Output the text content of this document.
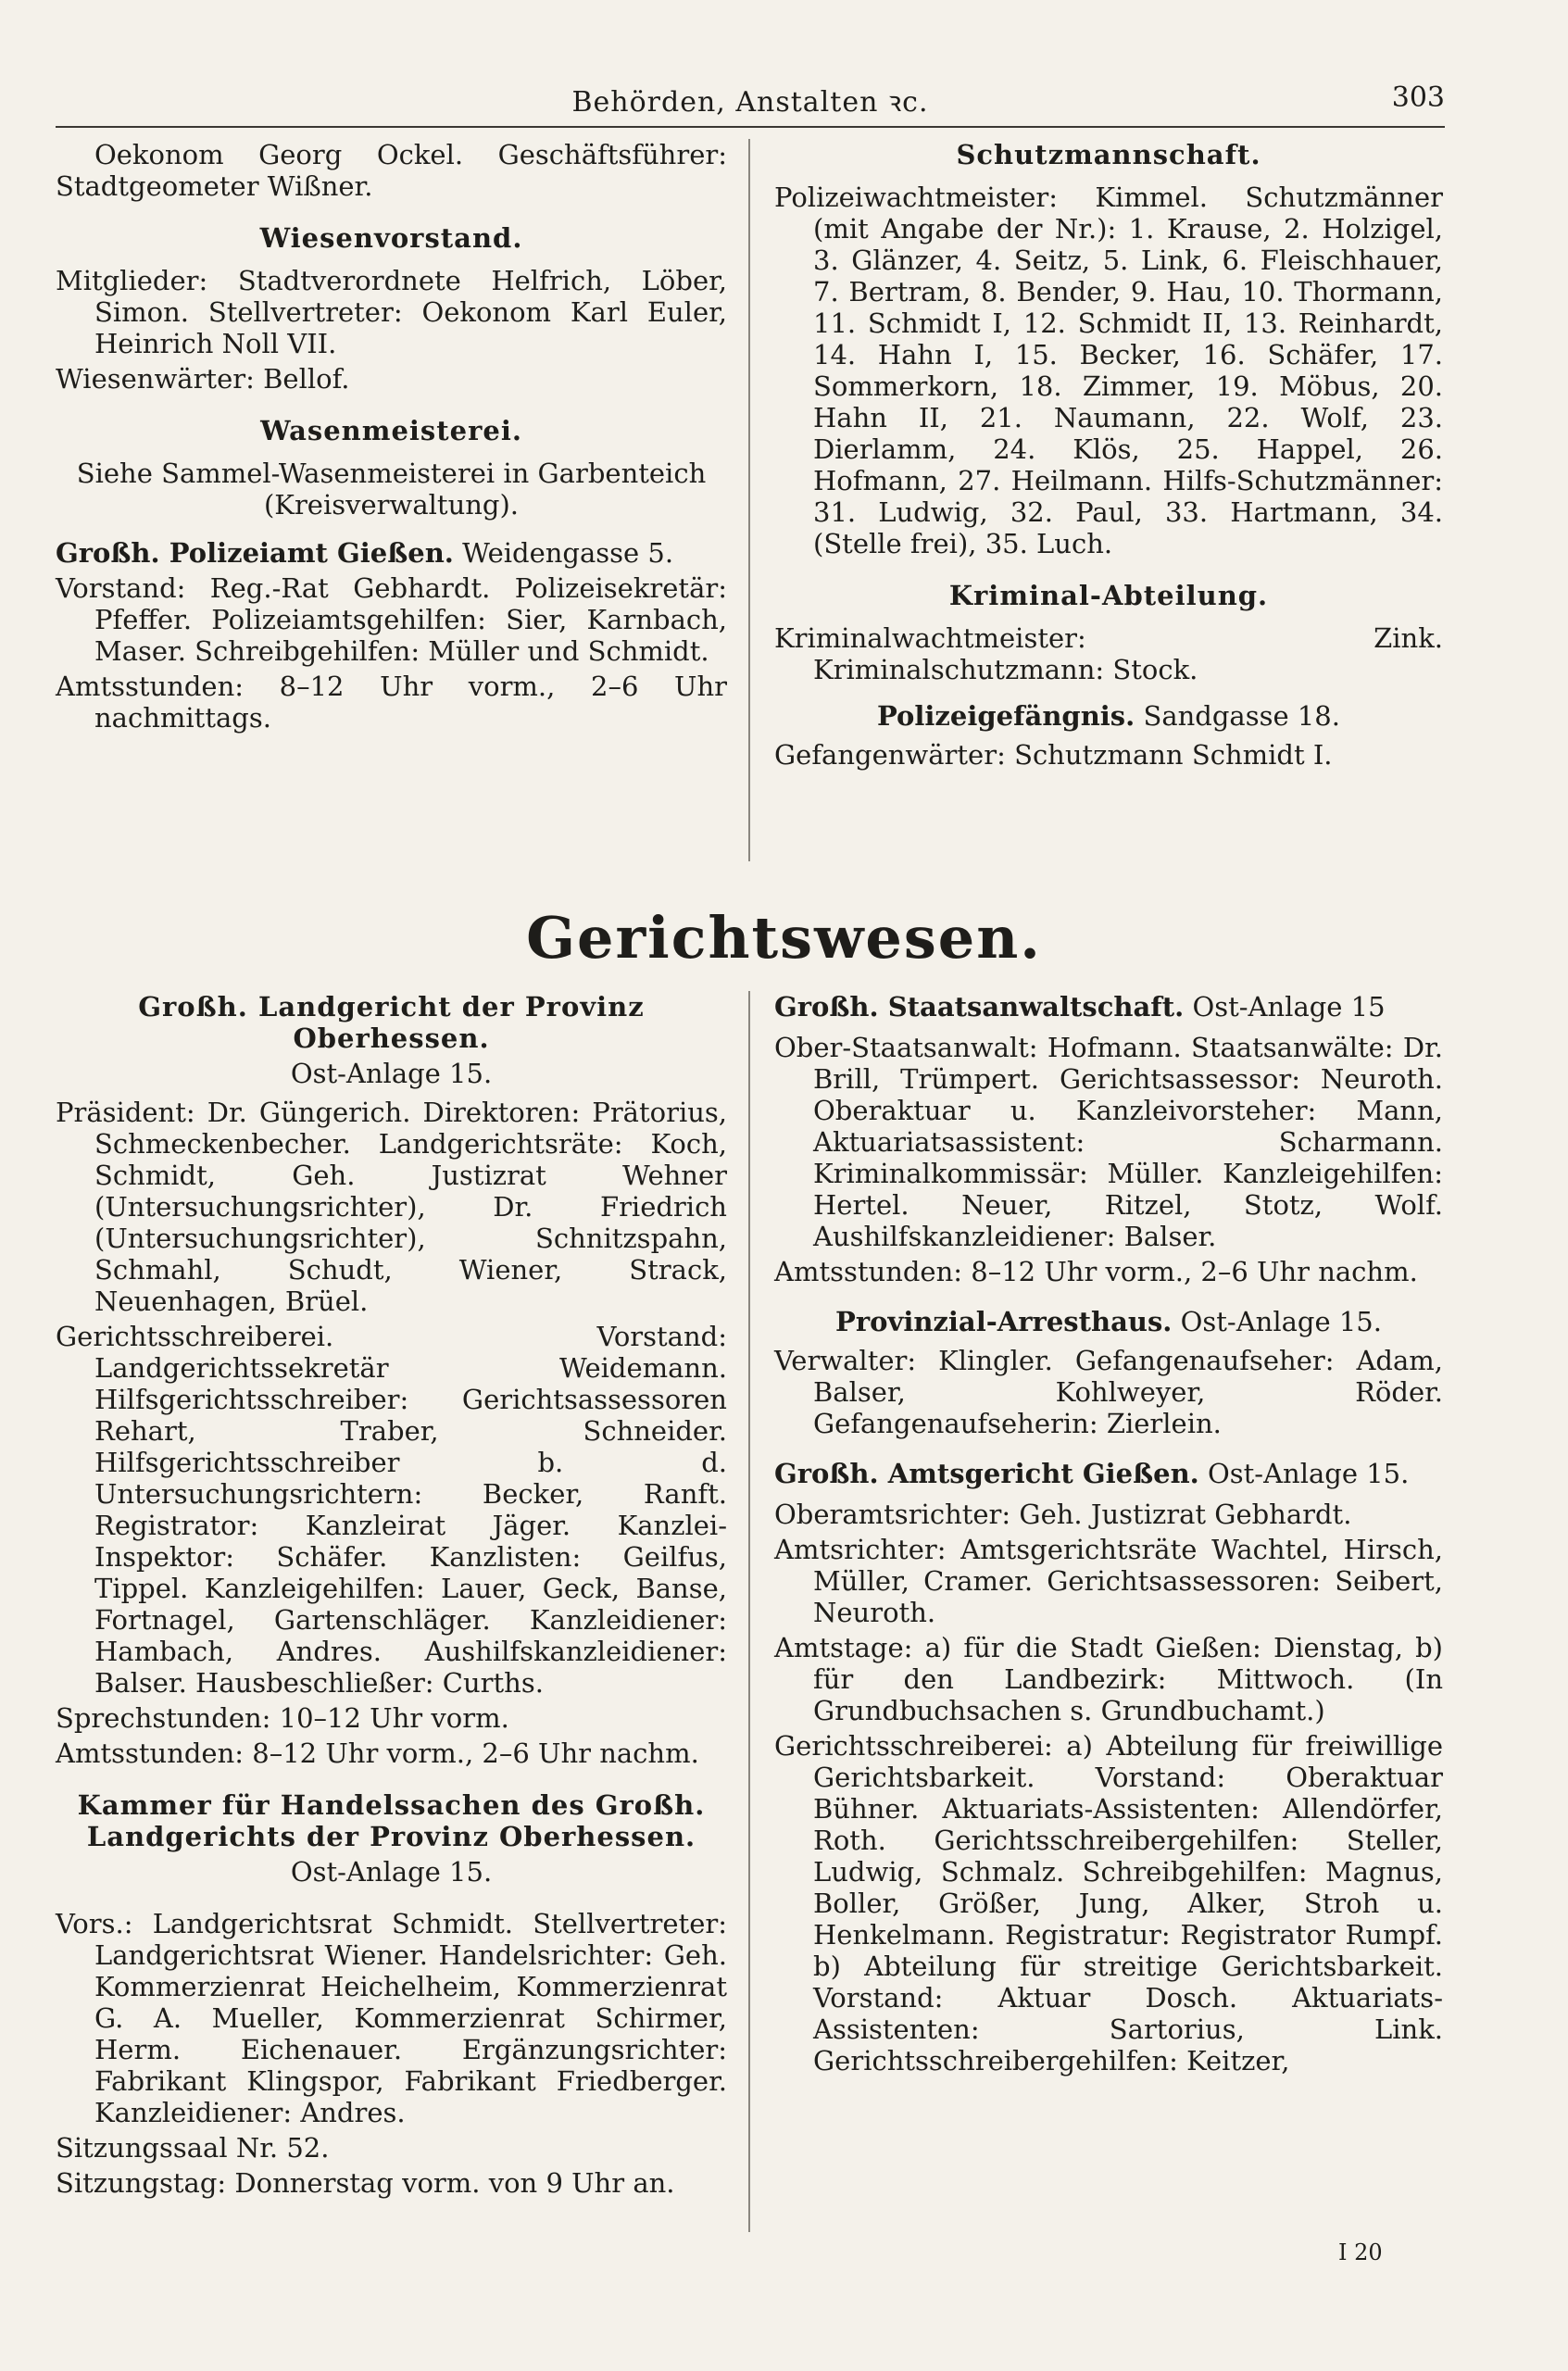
Behörden, Anstalten ꝛc.	303

Oekonom Georg Ockel. Geschäftsführer: Stadtgeometer Wißner.

Wiesenvorstand.

Mitglieder: Stadtverordnete Helfrich, Löber, Simon. Stellvertreter: Oekonom Karl Euler, Heinrich Noll VII.

Wiesenwärter: Bellof.

Wasenmeisterei.

Siehe Sammel-Wasenmeisterei in Garbenteich (Kreisverwaltung).

Großh. Polizeiamt Gießen. Weidengasse 5.

Vorstand: Reg.-Rat Gebhardt. Polizeisekretär: Pfeffer. Polizeiamtsgehilfen: Sier, Karnbach, Maser. Schreibgehilfen: Müller und Schmidt.

Amtsstunden: 8–12 Uhr vorm., 2–6 Uhr nachmittags.

Schutzmannschaft.

Polizeiwachtmeister: Kimmel. Schutzmänner (mit Angabe der Nr.): 1. Krause, 2. Holzigel, 3. Glänzer, 4. Seitz, 5. Link, 6. Fleischhauer, 7. Bertram, 8. Bender, 9. Hau, 10. Thormann, 11. Schmidt I, 12. Schmidt II, 13. Reinhardt, 14. Hahn I, 15. Becker, 16. Schäfer, 17. Sommerkorn, 18. Zimmer, 19. Möbus, 20. Hahn II, 21. Naumann, 22. Wolf, 23. Dierlamm, 24. Klös, 25. Happel, 26. Hofmann, 27. Heilmann. Hilfs-Schutzmänner: 31. Ludwig, 32. Paul, 33. Hartmann, 34. (Stelle frei), 35. Luch.

Kriminal-Abteilung.

Kriminalwachtmeister: Zink. Kriminalschutzmann: Stock.

Polizeigefängnis. Sandgasse 18.

Gefangenwärter: Schutzmann Schmidt I.

Gerichtswesen.
Großh. Landgericht der Provinz Oberhessen.

Ost-Anlage 15.

Präsident: Dr. Güngerich. Direktoren: Prätorius, Schmeckenbecher. Landgerichtsräte: Koch, Schmidt, Geh. Justizrat Wehner (Untersuchungsrichter), Dr. Friedrich (Untersuchungsrichter), Schnitzspahn, Schmahl, Schudt, Wiener, Strack, Neuenhagen, Brüel.

Gerichtsschreiberei. Vorstand: Landgerichtssekretär Weidemann. Hilfsgerichtsschreiber: Gerichtsassessoren Rehart, Traber, Schneider. Hilfsgerichtsschreiber b. d. Untersuchungsrichtern: Becker, Ranft. Registrator: Kanzleirat Jäger. Kanzlei-Inspektor: Schäfer. Kanzlisten: Geilfus, Tippel. Kanzleigehilfen: Lauer, Geck, Banse, Fortnagel, Gartenschläger. Kanzleidiener: Hambach, Andres. Aushilfskanzleidiener: Balser. Hausbeschließer: Curths.

Sprechstunden: 10–12 Uhr vorm.

Amtsstunden: 8–12 Uhr vorm., 2–6 Uhr nachm.

Kammer für Handelssachen des Großh.
Landgerichts der Provinz Oberhessen.

Ost-Anlage 15.

Vors.: Landgerichtsrat Schmidt. Stellvertreter: Landgerichtsrat Wiener. Handelsrichter: Geh. Kommerzienrat Heichelheim, Kommerzienrat G. A. Mueller, Kommerzienrat Schirmer, Herm. Eichenauer. Ergänzungsrichter: Fabrikant Klingspor, Fabrikant Friedberger. Kanzleidiener: Andres.

Sitzungssaal Nr. 52.

Sitzungstag: Donnerstag vorm. von 9 Uhr an.

Großh. Staatsanwaltschaft. Ost-Anlage 15

Ober-Staatsanwalt: Hofmann. Staatsanwälte: Dr. Brill, Trümpert. Gerichtsassessor: Neuroth. Oberaktuar u. Kanzleivorsteher: Mann, Aktuariatsassistent: Scharmann. Kriminalkommissär: Müller. Kanzleigehilfen: Hertel. Neuer, Ritzel, Stotz, Wolf. Aushilfskanzleidiener: Balser.

Amtsstunden: 8–12 Uhr vorm., 2–6 Uhr nachm.

Provinzial-Arresthaus. Ost-Anlage 15.

Verwalter: Klingler. Gefangenaufseher: Adam, Balser, Kohlweyer, Röder. Gefangenaufseherin: Zierlein.

Großh. Amtsgericht Gießen. Ost-Anlage 15.

Oberamtsrichter: Geh. Justizrat Gebhardt.

Amtsrichter: Amtsgerichtsräte Wachtel, Hirsch, Müller, Cramer. Gerichtsassessoren: Seibert, Neuroth.

Amtstage: a) für die Stadt Gießen: Dienstag, b) für den Landbezirk: Mittwoch. (In Grundbuchsachen s. Grundbuchamt.)

Gerichtsschreiberei: a) Abteilung für freiwillige Gerichtsbarkeit. Vorstand: Oberaktuar Bühner. Aktuariats-Assistenten: Allendörfer, Roth. Gerichtsschreibergehilfen: Steller, Ludwig, Schmalz. Schreibgehilfen: Magnus, Boller, Größer, Jung, Alker, Stroh u. Henkelmann. Registratur: Registrator Rumpf. b) Abteilung für streitige Gerichtsbarkeit. Vorstand: Aktuar Dosch. Aktuariats-Assistenten: Sartorius, Link. Gerichtsschreibergehilfen: Keitzer,

I 20
